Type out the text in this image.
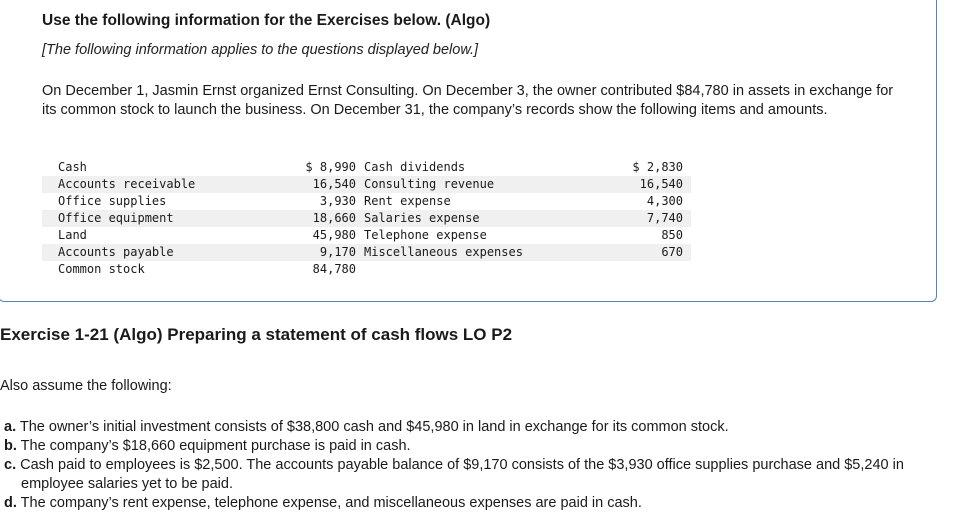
Use the following information for the Exercises below. (Algo)
[The following information applies to the questions displayed below.]
On December 1, Jasmin Ernst organized Ernst Consulting. On December 3, the owner contributed $84,780 in assets in exchange for its common stock to launch the business. On December 31, the company’s records show the following items and amounts.
Cash	$ 8,990	Cash dividends	$ 2,830
Accounts receivable	16,540	Consulting revenue	16,540
Office supplies	3,930	Rent expense	4,300
Office equipment	18,660	Salaries expense	7,740
Land	45,980	Telephone expense	850
Accounts payable	9,170	Miscellaneous expenses	670
Common stock	84,780		
Exercise 1-21 (Algo) Preparing a statement of cash flows LO P2
Also assume the following:
a. The owner’s initial investment consists of $38,800 cash and $45,980 in land in exchange for its common stock.
b. The company’s $18,660 equipment purchase is paid in cash.
c. Cash paid to employees is $2,500. The accounts payable balance of $9,170 consists of the $3,930 office supplies purchase and $5,240 in employee salaries yet to be paid.
d. The company’s rent expense, telephone expense, and miscellaneous expenses are paid in cash.
